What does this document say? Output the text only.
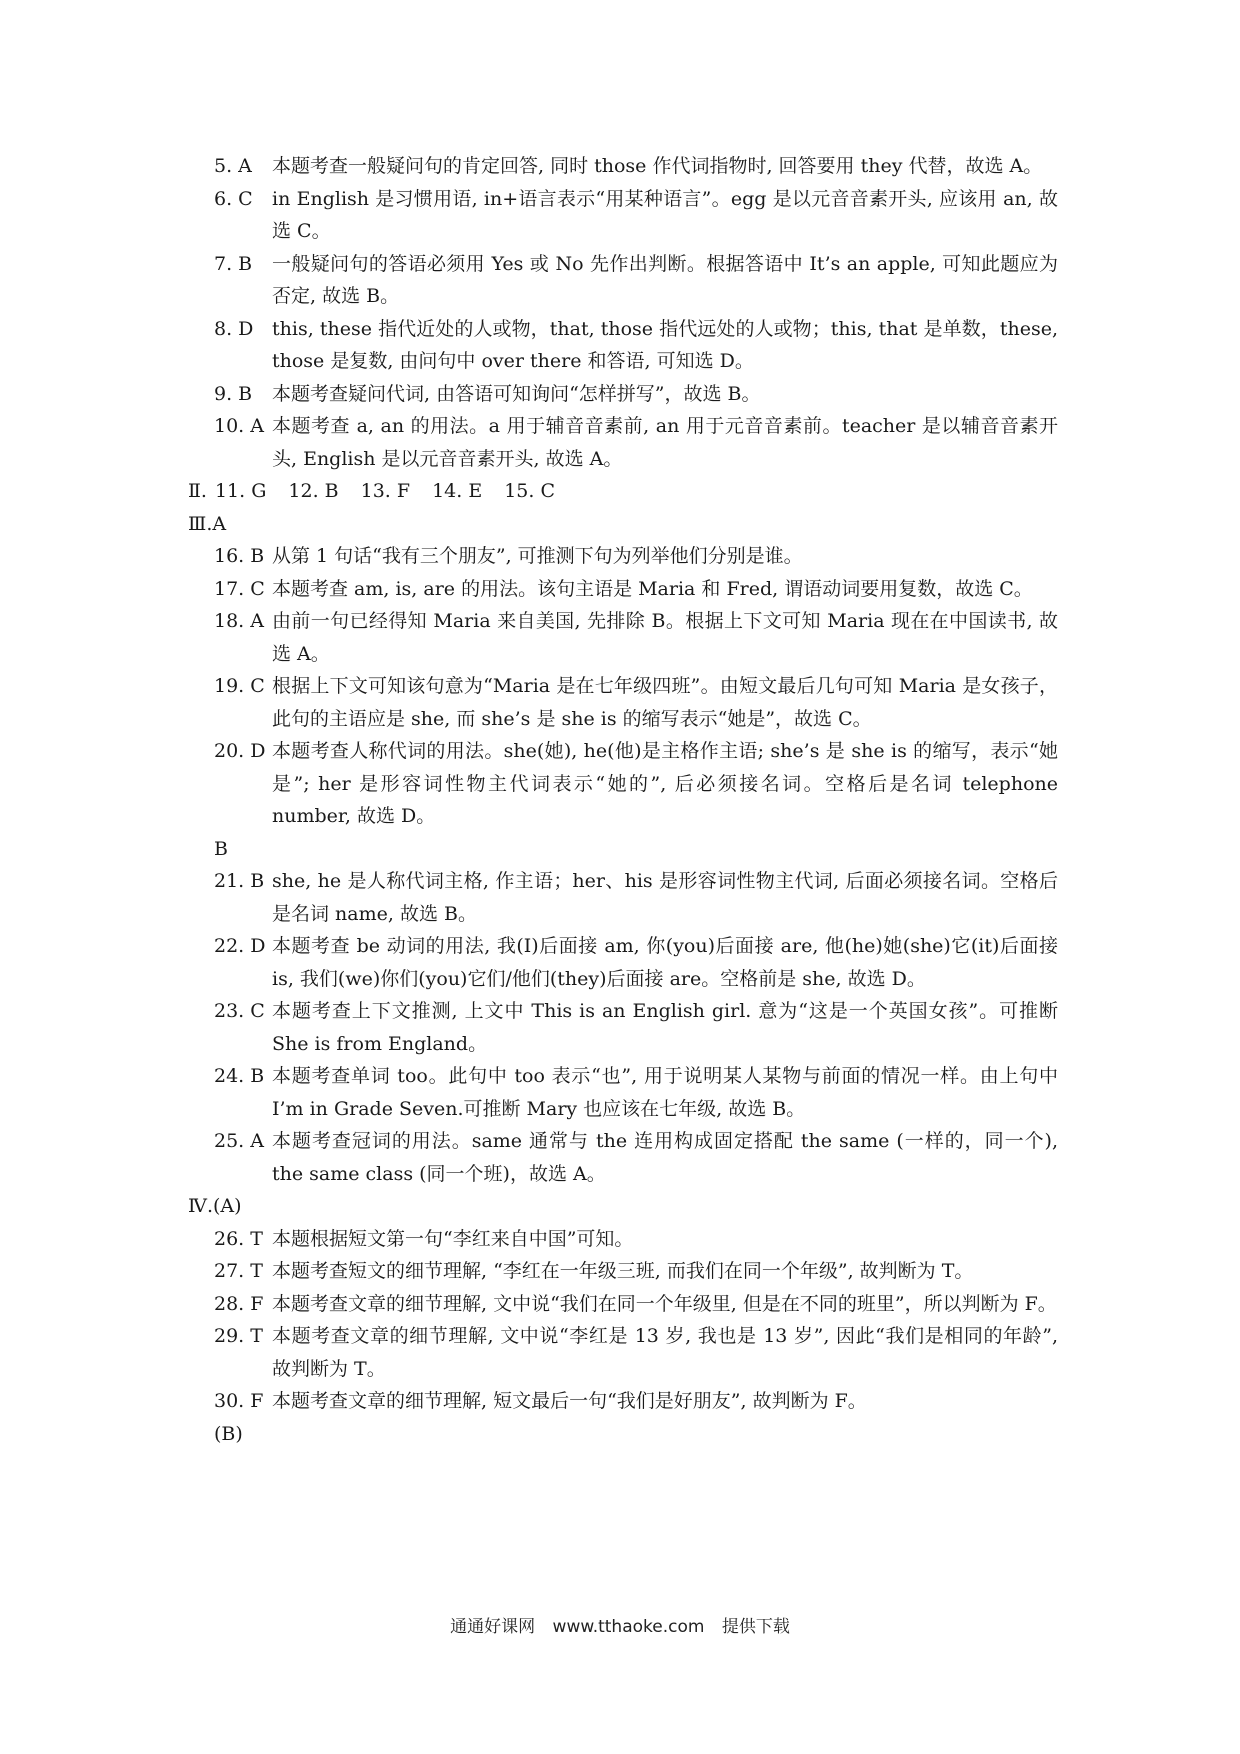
5. A 本题考查一般疑问句的肯定回答, 同时 those 作代词指物时, 回答要用 they 代替，故选 A。
6. C in English 是习惯用语, in+语言表示“用某种语言”。egg 是以元音音素开头, 应该用 an, 故选 C。
7. B 一般疑问句的答语必须用 Yes 或 No 先作出判断。根据答语中 It’s an apple, 可知此题应为否定, 故选 B。
8. D this, these 指代近处的人或物，that, those 指代远处的人或物；this, that 是单数，these, those 是复数, 由问句中 over there 和答语, 可知选 D。
9. B 本题考查疑问代词, 由答语可知询问“怎样拼写”，故选 B。
10. A 本题考查 a, an 的用法。a 用于辅音音素前, an 用于元音音素前。teacher 是以辅音音素开头, English 是以元音音素开头, 故选 A。
Ⅱ. 11. G 12. B 13. F 14. E 15. C
Ⅲ.A
16. B 从第 1 句话“我有三个朋友”, 可推测下句为列举他们分别是谁。
17. C 本题考查 am, is, are 的用法。该句主语是 Maria 和 Fred, 谓语动词要用复数，故选 C。
18. A 由前一句已经得知 Maria 来自美国, 先排除 B。根据上下文可知 Maria 现在在中国读书, 故选 A。
19. C 根据上下文可知该句意为“Maria 是在七年级四班”。由短文最后几句可知 Maria 是女孩子，此句的主语应是 she, 而 she’s 是 she is 的缩写表示“她是”，故选 C。
20. D 本题考查人称代词的用法。she(她), he(他)是主格作主语; she’s 是 she is 的缩写，表示“她是”; her 是形容词性物主代词表示“她的”, 后必须接名词。空格后是名词 telephone number, 故选 D。
B
21. B she, he 是人称代词主格, 作主语；her、his 是形容词性物主代词, 后面必须接名词。空格后是名词 name, 故选 B。
22. D 本题考查 be 动词的用法, 我(I)后面接 am, 你(you)后面接 are, 他(he)她(she)它(it)后面接 is, 我们(we)你们(you)它们/他们(they)后面接 are。空格前是 she, 故选 D。
23. C 本题考查上下文推测, 上文中 This is an English girl. 意为“这是一个英国女孩”。可推断 She is from England。
24. B 本题考查单词 too。此句中 too 表示“也”, 用于说明某人某物与前面的情况一样。由上句中 I’m in Grade Seven.可推断 Mary 也应该在七年级, 故选 B。
25. A 本题考查冠词的用法。same 通常与 the 连用构成固定搭配 the same (一样的，同一个), the same class (同一个班)，故选 A。
Ⅳ.(A)
26. T 本题根据短文第一句“李红来自中国”可知。
27. T 本题考查短文的细节理解, “李红在一年级三班, 而我们在同一个年级”, 故判断为 T。
28. F 本题考查文章的细节理解, 文中说“我们在同一个年级里, 但是在不同的班里”，所以判断为 F。
29. T 本题考查文章的细节理解, 文中说“李红是 13 岁, 我也是 13 岁”, 因此“我们是相同的年龄”, 故判断为 T。
30. F 本题考查文章的细节理解, 短文最后一句“我们是好朋友”, 故判断为 F。
(B)
通通好课网 www.tthaoke.com 提供下载
